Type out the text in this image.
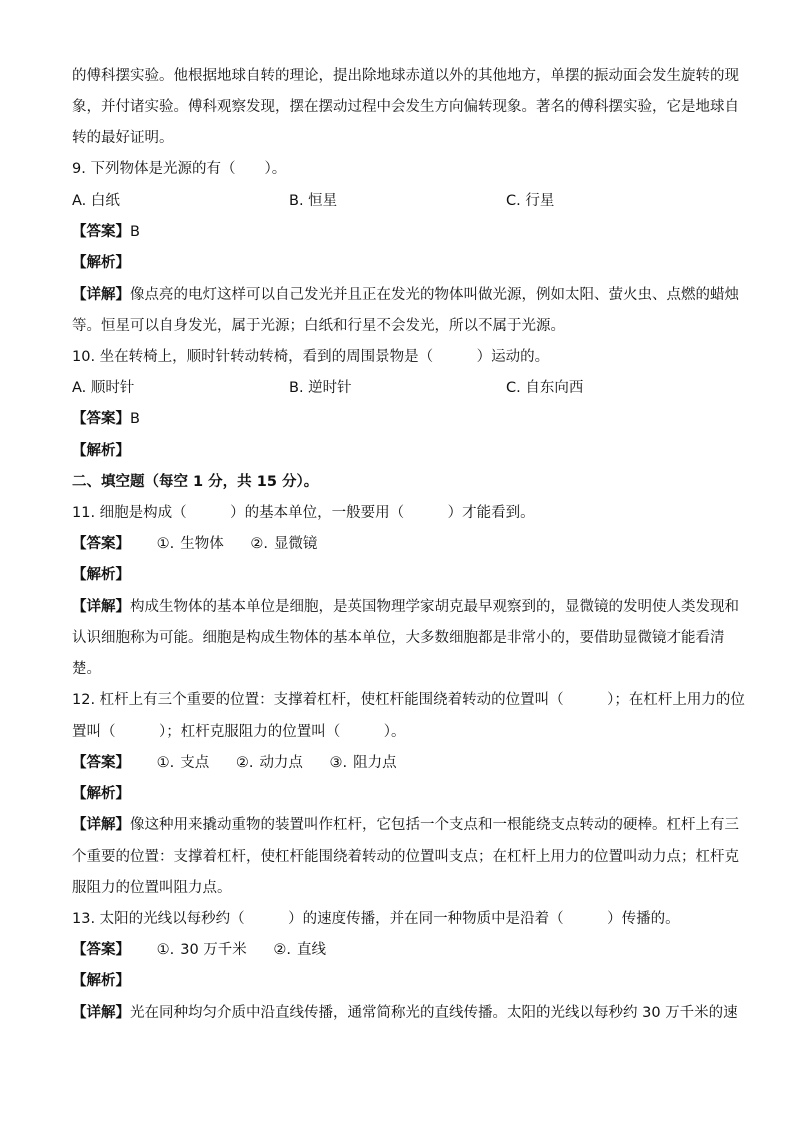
的傅科摆实验。他根据地球自转的理论，提出除地球赤道以外的其他地方，单摆的振动面会发生旋转的现
象，并付诸实验。傅科观察发现，摆在摆动过程中会发生方向偏转现象。著名的傅科摆实验，它是地球自
转的最好证明。
9. 下列物体是光源的有（　　）。
A. 白纸	B. 恒星	C. 行星
【答案】B
【解析】
【详解】像点亮的电灯这样可以自己发光并且正在发光的物体叫做光源，例如太阳、萤火虫、点燃的蜡烛
等。恒星可以自身发光，属于光源；白纸和行星不会发光，所以不属于光源。
10. 坐在转椅上，顺时针转动转椅，看到的周围景物是（　　　）运动的。
A. 顺时针	B. 逆时针	C. 自东向西
【答案】B
【解析】
二、填空题（每空 1 分，共 15 分）。
11. 细胞是构成（　　　）的基本单位，一般要用（　　　）才能看到。
【答案】 ①. 生物体 ②. 显微镜
【解析】
【详解】构成生物体的基本单位是细胞，是英国物理学家胡克最早观察到的，显微镜的发明使人类发现和
认识细胞称为可能。细胞是构成生物体的基本单位，大多数细胞都是非常小的，要借助显微镜才能看清
楚。
12. 杠杆上有三个重要的位置：支撑着杠杆，使杠杆能围绕着转动的位置叫（　　　）；在杠杆上用力的位
置叫（　　　）；杠杆克服阻力的位置叫（　　　）。
【答案】 ①. 支点 ②. 动力点 ③. 阻力点
【解析】
【详解】像这种用来撬动重物的装置叫作杠杆，它包括一个支点和一根能绕支点转动的硬棒。杠杆上有三
个重要的位置：支撑着杠杆，使杠杆能围绕着转动的位置叫支点；在杠杆上用力的位置叫动力点；杠杆克
服阻力的位置叫阻力点。
13. 太阳的光线以每秒约（　　　）的速度传播，并在同一种物质中是沿着（　　　）传播的。
【答案】 ①. 30 万千米 ②. 直线
【解析】
【详解】光在同种均匀介质中沿直线传播，通常简称光的直线传播。太阳的光线以每秒约 30 万千米的速
